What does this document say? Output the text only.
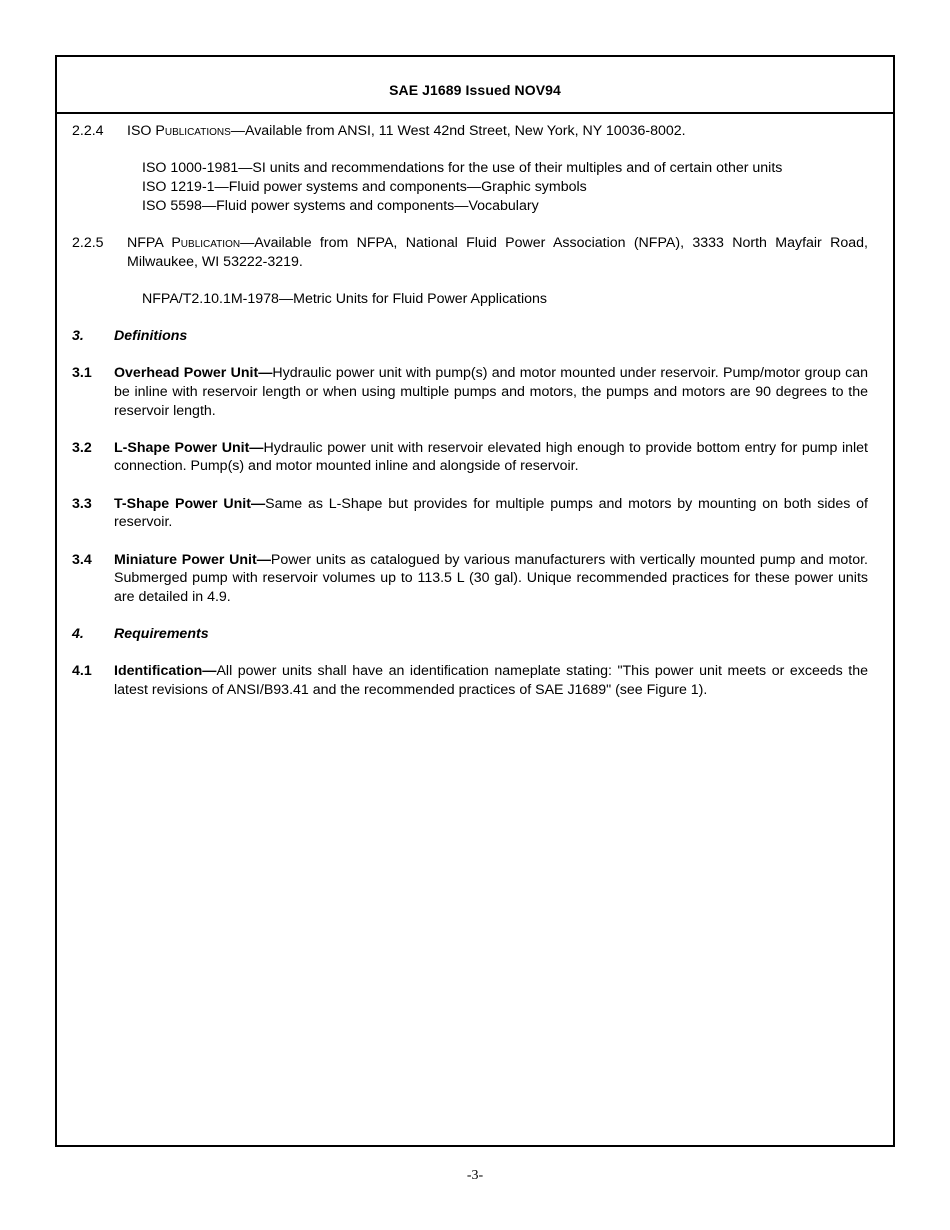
SAE J1689 Issued NOV94
2.2.4 ISO Publications—Available from ANSI, 11 West 42nd Street, New York, NY 10036-8002.
ISO 1000-1981—SI units and recommendations for the use of their multiples and of certain other units
ISO 1219-1—Fluid power systems and components—Graphic symbols
ISO 5598—Fluid power systems and components—Vocabulary
2.2.5 NFPA Publication—Available from NFPA, National Fluid Power Association (NFPA), 3333 North Mayfair Road, Milwaukee, WI 53222-3219.
NFPA/T2.10.1M-1978—Metric Units for Fluid Power Applications
3. Definitions
3.1 Overhead Power Unit—Hydraulic power unit with pump(s) and motor mounted under reservoir. Pump/motor group can be inline with reservoir length or when using multiple pumps and motors, the pumps and motors are 90 degrees to the reservoir length.
3.2 L-Shape Power Unit—Hydraulic power unit with reservoir elevated high enough to provide bottom entry for pump inlet connection. Pump(s) and motor mounted inline and alongside of reservoir.
3.3 T-Shape Power Unit—Same as L-Shape but provides for multiple pumps and motors by mounting on both sides of reservoir.
3.4 Miniature Power Unit—Power units as catalogued by various manufacturers with vertically mounted pump and motor. Submerged pump with reservoir volumes up to 113.5 L (30 gal). Unique recommended practices for these power units are detailed in 4.9.
4. Requirements
4.1 Identification—All power units shall have an identification nameplate stating: "This power unit meets or exceeds the latest revisions of ANSI/B93.41 and the recommended practices of SAE J1689" (see Figure 1).
-3-
